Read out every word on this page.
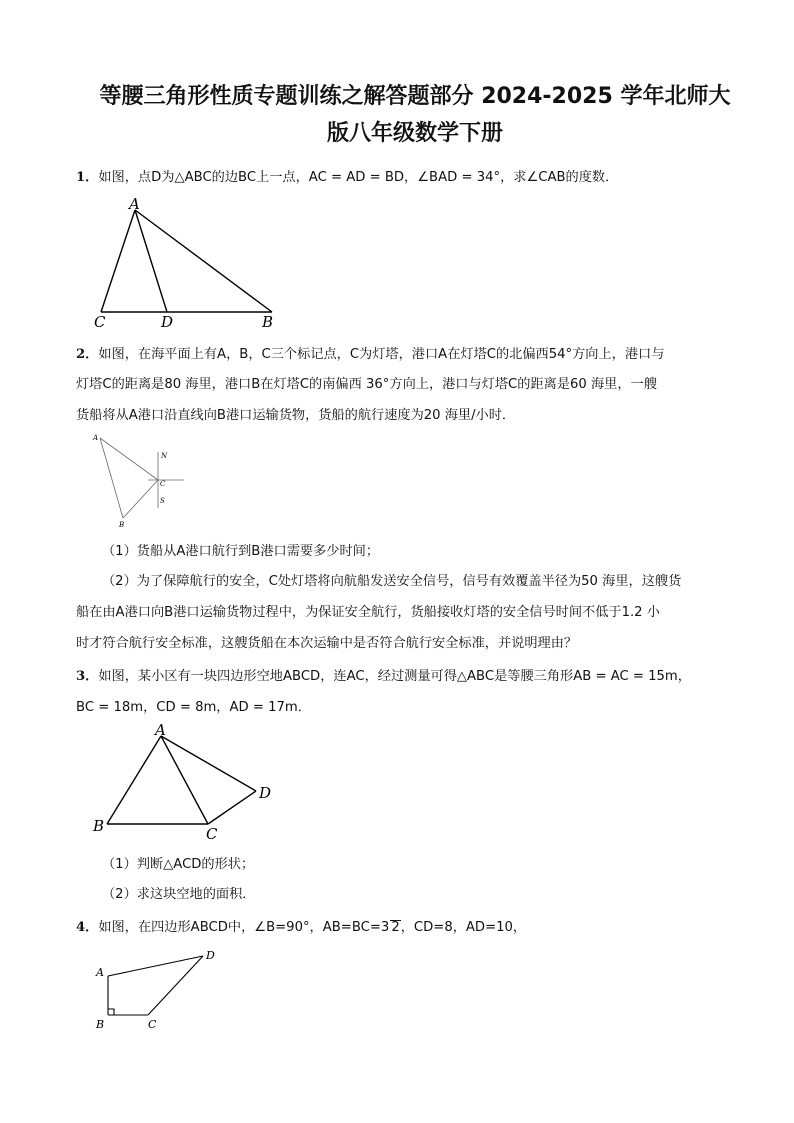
等腰三角形性质专题训练之解答题部分 2024-2025 学年北师大
版八年级数学下册
1．如图，点D为△ABC的边BC上一点，AC = AD = BD，∠BAD = 34°，求∠CAB的度数．
A
C	D	B
2．如图，在海平面上有A，B，C三个标记点，C为灯塔，港口A在灯塔C的北偏西54°方向上，港口与
灯塔C的距离是80 海里，港口B在灯塔C的南偏西 36°方向上，港口与灯塔C的距离是60 海里，一艘
货船将从A港口沿直线向B港口运输货物，货船的航行速度为20 海里/小时．
A
B
C
N
S
（1）货船从A港口航行到B港口需要多少时间；
（2）为了保障航行的安全，C处灯塔将向航船发送安全信号，信号有效覆盖半径为50 海里，这艘货
船在由A港口向B港口运输货物过程中，为保证安全航行，货船接收灯塔的安全信号时间不低于1.2 小
时才符合航行安全标准，这艘货船在本次运输中是否符合航行安全标准，并说明理由？
3．如图，某小区有一块四边形空地ABCD，连AC，经过测量可得△ABC是等腰三角形AB = AC = 15m，
BC = 18m，CD = 8m，AD = 17m．
A
B	C
D
（1）判断△ACD的形状；
（2）求这块空地的面积．
4．如图，在四边形ABCD中，∠B=90°，AB=BC=3 2，CD=8，AD=10，
A
B	C
D
